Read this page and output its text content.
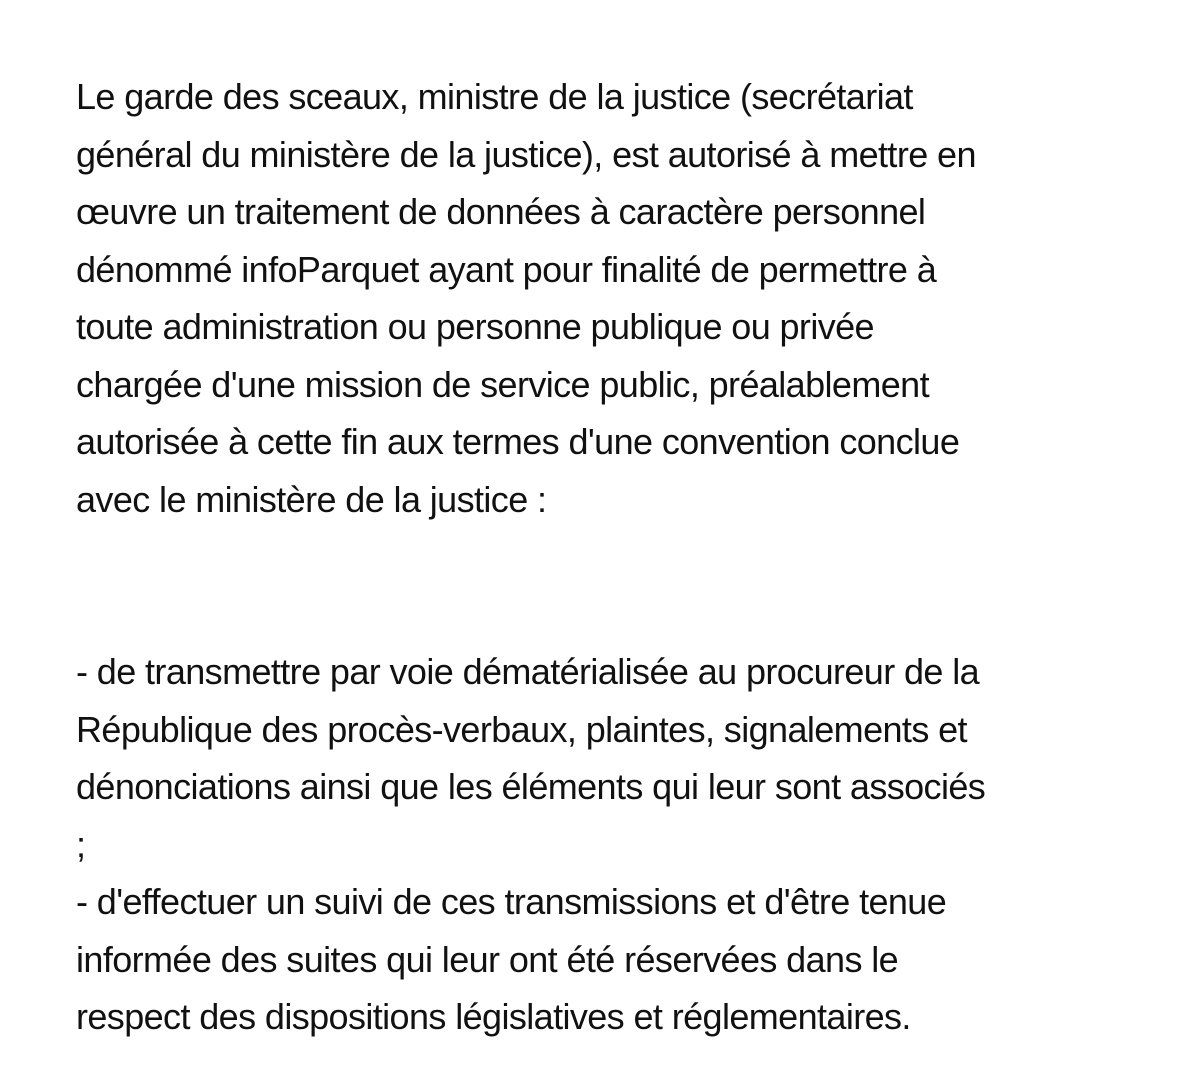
Le garde des sceaux, ministre de la justice (secrétariat
général du ministère de la justice), est autorisé à mettre en
œuvre un traitement de données à caractère personnel
dénommé infoParquet ayant pour finalité de permettre à
toute administration ou personne publique ou privée
chargée d'une mission de service public, préalablement
autorisée à cette fin aux termes d'une convention conclue
avec le ministère de la justice :
- de transmettre par voie dématérialisée au procureur de la
République des procès-verbaux, plaintes, signalements et
dénonciations ainsi que les éléments qui leur sont associés
;
- d'effectuer un suivi de ces transmissions et d'être tenue
informée des suites qui leur ont été réservées dans le
respect des dispositions législatives et réglementaires.
